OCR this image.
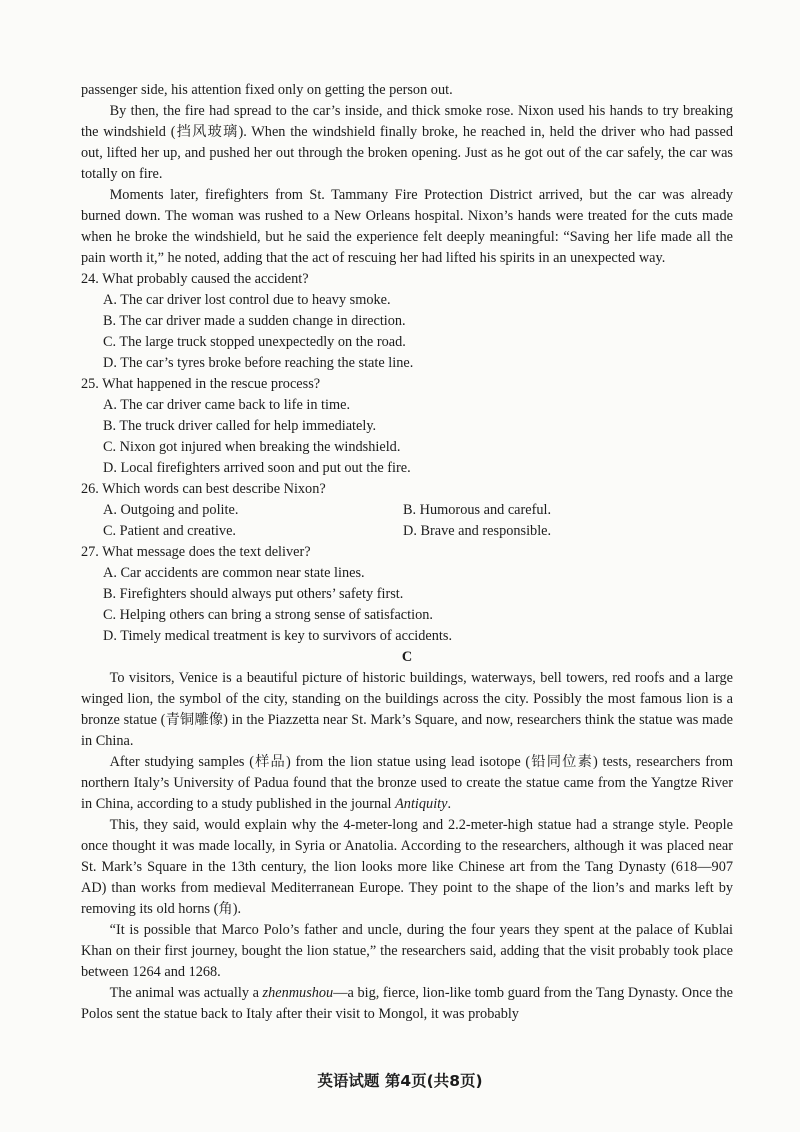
passenger side, his attention fixed only on getting the person out.

By then, the fire had spread to the car’s inside, and thick smoke rose. Nixon used his hands to try breaking the windshield (挡风玻璃). When the windshield finally broke, he reached in, held the driver who had passed out, lifted her up, and pushed her out through the broken opening. Just as he got out of the car safely, the car was totally on fire.

Moments later, firefighters from St. Tammany Fire Protection District arrived, but the car was already burned down. The woman was rushed to a New Orleans hospital. Nixon’s hands were treated for the cuts made when he broke the windshield, but he said the experience felt deeply meaningful: “Saving her life made all the pain worth it,” he noted, adding that the act of rescuing her had lifted his spirits in an unexpected way.

24. What probably caused the accident?

A. The car driver lost control due to heavy smoke.

B. The car driver made a sudden change in direction.

C. The large truck stopped unexpectedly on the road.

D. The car’s tyres broke before reaching the state line.

25. What happened in the rescue process?

A. The car driver came back to life in time.

B. The truck driver called for help immediately.

C. Nixon got injured when breaking the windshield.

D. Local firefighters arrived soon and put out the fire.

26. Which words can best describe Nixon?

A. Outgoing and polite.	B. Humorous and careful.
C. Patient and creative.	D. Brave and responsible.

27. What message does the text deliver?

A. Car accidents are common near state lines.

B. Firefighters should always put others’ safety first.

C. Helping others can bring a strong sense of satisfaction.

D. Timely medical treatment is key to survivors of accidents.

C

To visitors, Venice is a beautiful picture of historic buildings, waterways, bell towers, red roofs and a large winged lion, the symbol of the city, standing on the buildings across the city. Possibly the most famous lion is a bronze statue (青铜雕像) in the Piazzetta near St. Mark’s Square, and now, researchers think the statue was made in China.

After studying samples (样品) from the lion statue using lead isotope (铅同位素) tests, researchers from northern Italy’s University of Padua found that the bronze used to create the statue came from the Yangtze River in China, according to a study published in the journal Antiquity.

This, they said, would explain why the 4-meter-long and 2.2-meter-high statue had a strange style. People once thought it was made locally, in Syria or Anatolia. According to the researchers, although it was placed near St. Mark’s Square in the 13th century, the lion looks more like Chinese art from the Tang Dynasty (618—907 AD) than works from medieval Mediterranean Europe. They point to the shape of the lion’s and marks left by removing its old horns (角).

“It is possible that Marco Polo’s father and uncle, during the four years they spent at the palace of Kublai Khan on their first journey, bought the lion statue,” the researchers said, adding that the visit probably took place between 1264 and 1268.

The animal was actually a zhenmushou—a big, fierce, lion-like tomb guard from the Tang Dynasty. Once the Polos sent the statue back to Italy after their visit to Mongol, it was probably

英语试题 第4页(共8页)
